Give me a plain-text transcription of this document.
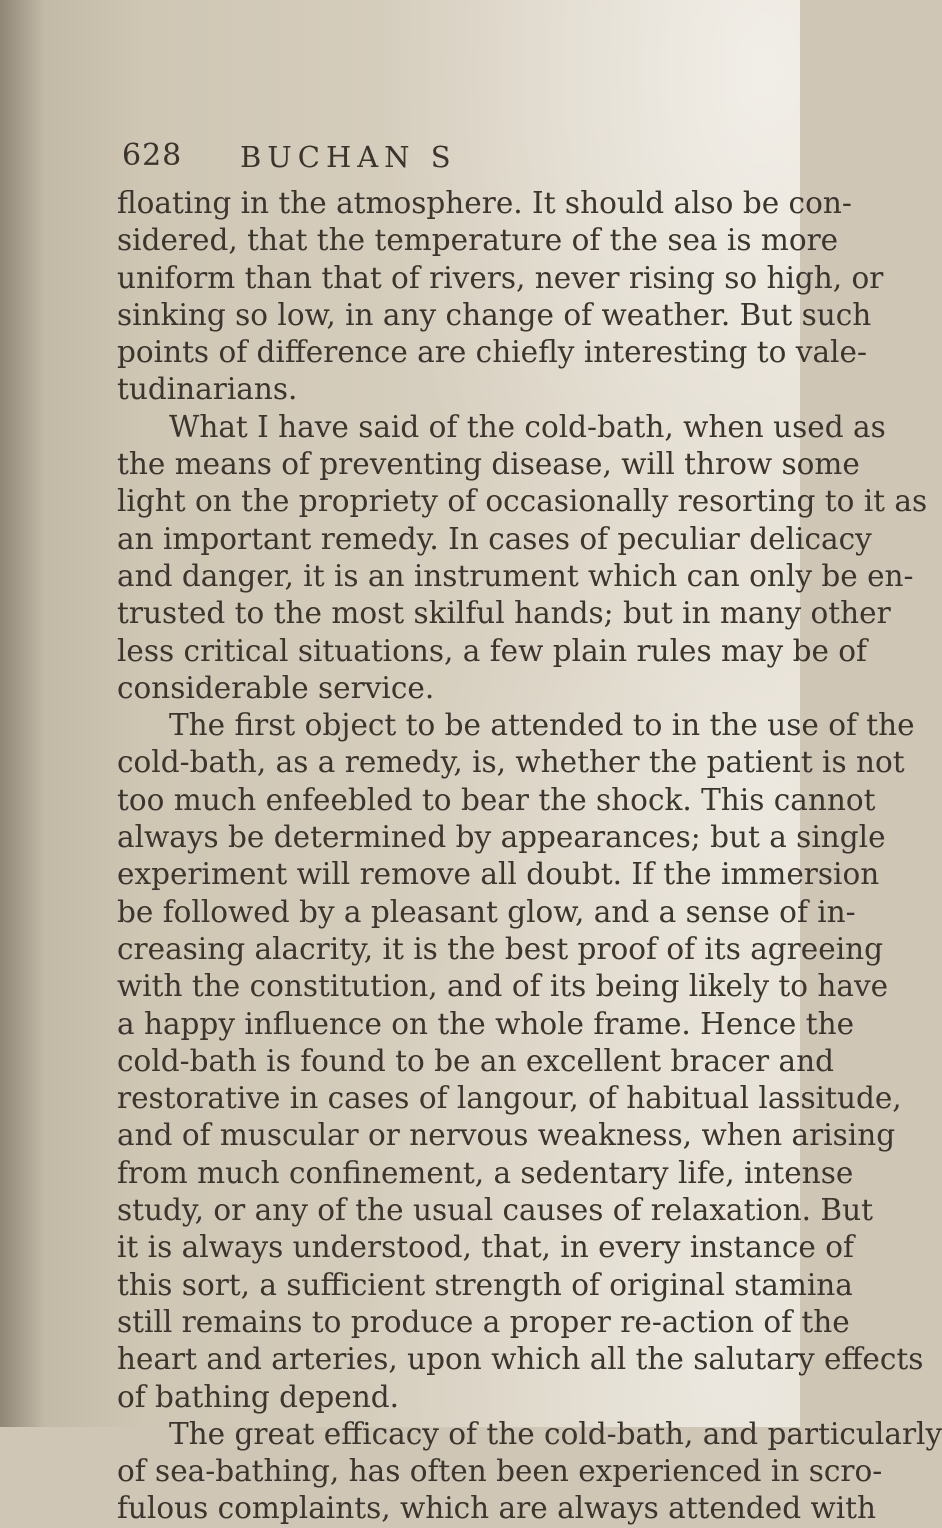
628 BUCHAN S
floating in the atmosphere. It should also be con-
sidered, that the temperature of the sea is more
uniform than that of rivers, never rising so high, or
sinking so low, in any change of weather. But such
points of difference are chiefly interesting to vale-
tudinarians.
What I have said of the cold-bath, when used as
the means of preventing disease, will throw some
light on the propriety of occasionally resorting to it as
an important remedy. In cases of peculiar delicacy
and danger, it is an instrument which can only be en-
trusted to the most skilful hands; but in many other
less critical situations, a few plain rules may be of
considerable service.
The first object to be attended to in the use of the
cold-bath, as a remedy, is, whether the patient is not
too much enfeebled to bear the shock. This cannot
always be determined by appearances; but a single
experiment will remove all doubt. If the immersion
be followed by a pleasant glow, and a sense of in-
creasing alacrity, it is the best proof of its agreeing
with the constitution, and of its being likely to have
a happy influence on the whole frame. Hence the
cold-bath is found to be an excellent bracer and
restorative in cases of langour, of habitual lassitude,
and of muscular or nervous weakness, when arising
from much confinement, a sedentary life, intense
study, or any of the usual causes of relaxation. But
it is always understood, that, in every instance of
this sort, a sufficient strength of original stamina
still remains to produce a proper re-action of the
heart and arteries, upon which all the salutary effects
of bathing depend.
The great efficacy of the cold-bath, and particularly
of sea-bathing, has often been experienced in scro-
fulous complaints, which are always attended with
